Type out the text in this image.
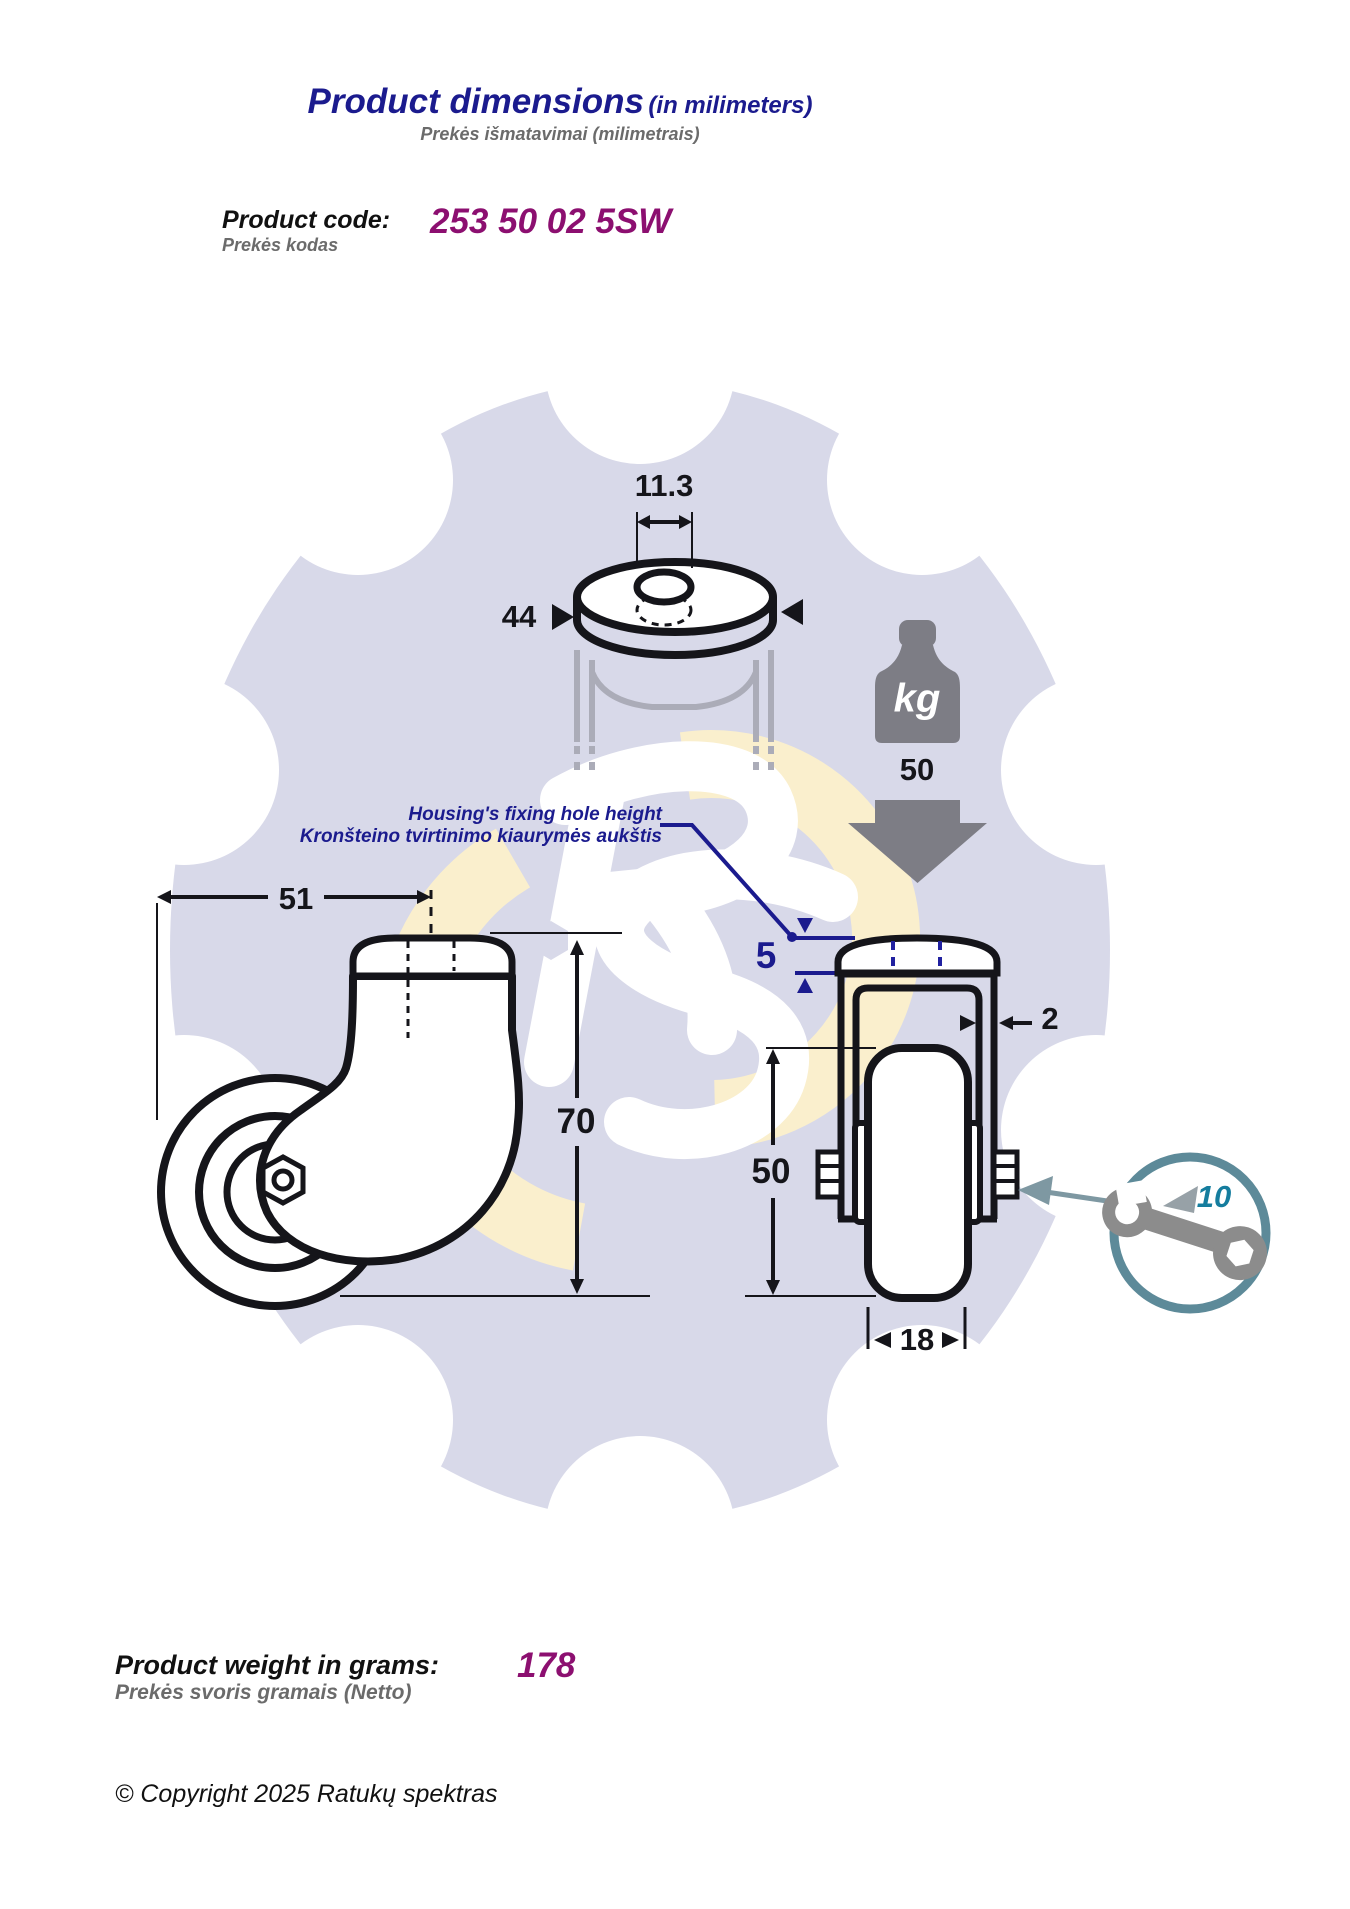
Product dimensions (in milimeters)
Prekės išmatavimai (milimetrais)
Product code:
Prekės kodas
253 50 02 5SW
11.3
44
kg
50
Housing's fixing hole height
Kronšteino tvirtinimo kiaurymės aukštis
5
2
51
70
50
18
10
Product weight in grams:
Prekės svoris gramais (Netto)
178
© Copyright 2025 Ratukų spektras
